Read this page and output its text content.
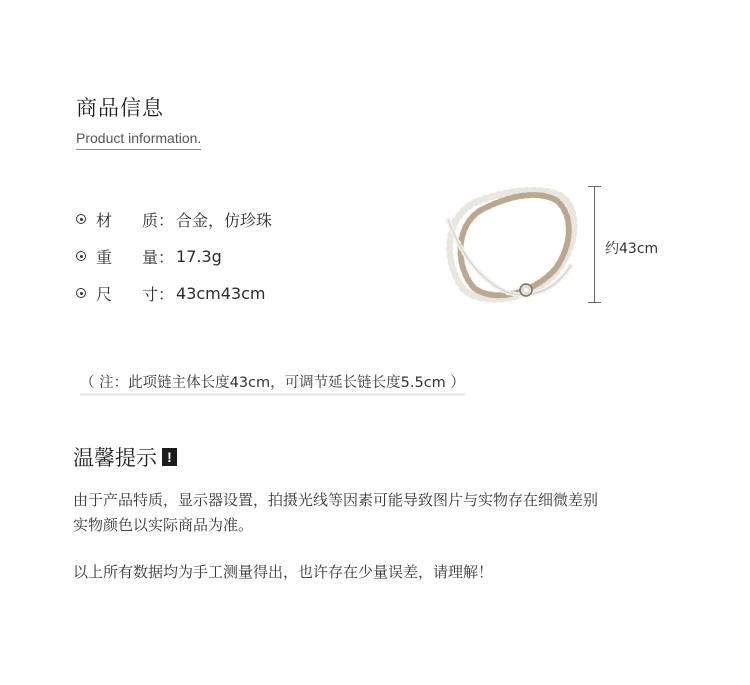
商品信息
Product information.
材 质 ： 合金，仿珍珠
重 量 ： 17.3g
尺 寸 ： 43cm43cm
约43cm
（ 注：此项链主体长度43cm，可调节延长链长度5.5cm ）
温馨提示 !
由于产品特质，显示器设置，拍摄光线等因素可能导致图片与实物存在细微差别
实物颜色以实际商品为准。
以上所有数据均为手工测量得出，也许存在少量误差，请理解！
